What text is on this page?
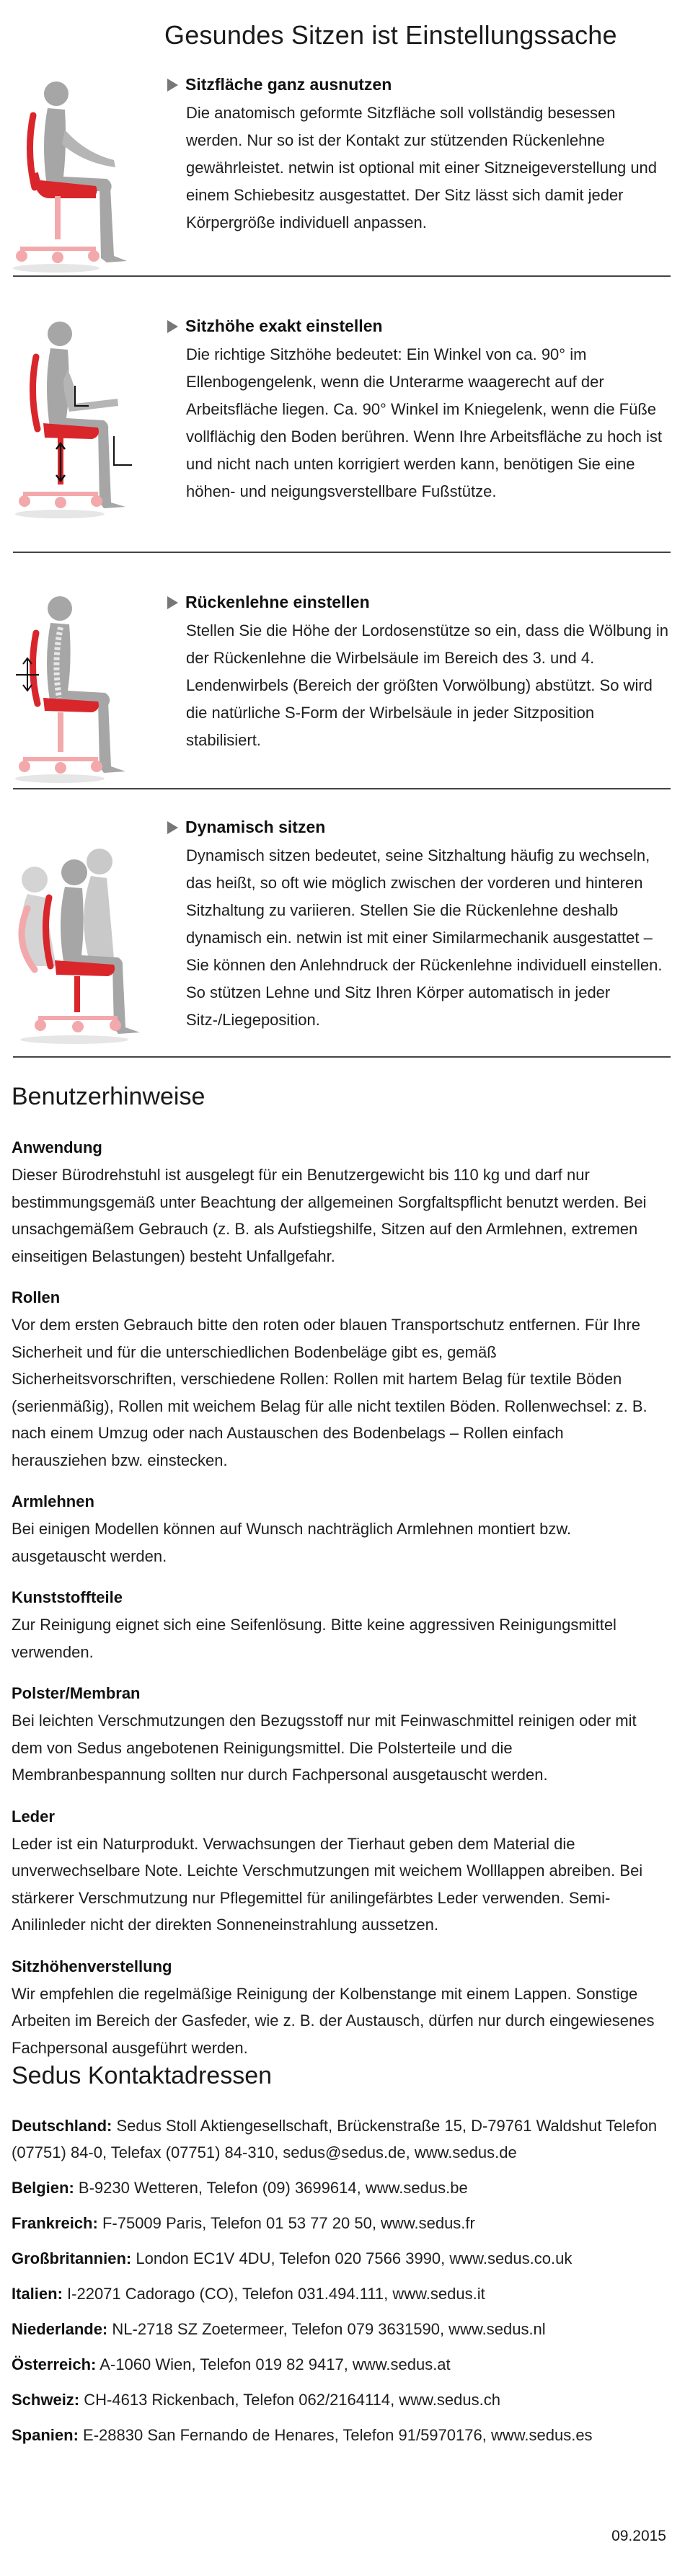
Gesundes Sitzen ist Einstellungssache
Sitzfläche ganz ausnutzen

Die anatomisch geformte Sitzfläche soll vollständig besessen werden. Nur so ist der Kontakt zur stützenden Rückenlehne gewährleistet. netwin ist optional mit einer Sitzneigeverstellung und einem Schiebesitz ausgestattet. Der Sitz lässt sich damit jeder Körpergröße individuell anpassen.

Sitzhöhe exakt einstellen

Die richtige Sitzhöhe bedeutet: Ein Winkel von ca. 90° im Ellenbogengelenk, wenn die Unterarme waagerecht auf der Arbeitsfläche liegen. Ca. 90° Winkel im Kniegelenk, wenn die Füße vollflächig den Boden berühren. Wenn Ihre Arbeitsfläche zu hoch ist und nicht nach unten korrigiert werden kann, benötigen Sie eine höhen- und neigungsverstellbare Fußstütze.

Rückenlehne einstellen

Stellen Sie die Höhe der Lordosenstütze so ein, dass die Wölbung in der Rückenlehne die Wirbelsäule im Bereich des 3. und 4. Lendenwirbels (Bereich der größten Vorwölbung) abstützt. So wird die natürliche S-Form der Wirbelsäule in jeder Sitzposition stabilisiert.

Dynamisch sitzen

Dynamisch sitzen bedeutet, seine Sitzhaltung häufig zu wechseln, das heißt, so oft wie möglich zwischen der vorderen und hinteren Sitzhaltung zu variieren. Stellen Sie die Rückenlehne deshalb dynamisch ein. netwin ist mit einer Similarmechanik ausgestattet – Sie können den Anlehndruck der Rückenlehne individuell einstellen. So stützen Lehne und Sitz Ihren Körper automatisch in jeder Sitz-/Liegeposition.

Benutzerhinweise
Anwendung

Dieser Bürodrehstuhl ist ausgelegt für ein Benutzergewicht bis 110 kg und darf nur bestimmungsgemäß unter Beachtung der allgemeinen Sorgfaltspflicht benutzt werden. Bei unsachgemäßem Gebrauch (z. B. als Aufstiegshilfe, Sitzen auf den Armlehnen, extremen einseitigen Belastungen) besteht Unfallgefahr.

Rollen

Vor dem ersten Gebrauch bitte den roten oder blauen Transportschutz entfernen. Für Ihre Sicherheit und für die unterschiedlichen Bodenbeläge gibt es, gemäß Sicherheitsvorschriften, verschiedene Rollen: Rollen mit hartem Belag für textile Böden (serienmäßig), Rollen mit weichem Belag für alle nicht textilen Böden. Rollenwechsel: z. B. nach einem Umzug oder nach Austauschen des Bodenbelags – Rollen einfach herausziehen bzw. einstecken.

Armlehnen

Bei einigen Modellen können auf Wunsch nachträglich Armlehnen montiert bzw. ausgetauscht werden.

Kunststoffteile

Zur Reinigung eignet sich eine Seifenlösung. Bitte keine aggressiven Reinigungsmittel verwenden.

Polster/Membran

Bei leichten Verschmutzungen den Bezugsstoff nur mit Feinwaschmittel reinigen oder mit dem von Sedus angebotenen Reinigungsmittel. Die Polsterteile und die Membranbespannung sollten nur durch Fachpersonal ausgetauscht werden.

Leder

Leder ist ein Naturprodukt. Verwachsungen der Tierhaut geben dem Material die unverwechselbare Note. Leichte Verschmutzungen mit weichem Wolllappen abreiben. Bei stärkerer Verschmutzung nur Pflegemittel für anilingefärbtes Leder verwenden. Semi-Anilinleder nicht der direkten Sonneneinstrahlung aussetzen.

Sitzhöhenverstellung

Wir empfehlen die regelmäßige Reinigung der Kolbenstange mit einem Lappen. Sonstige Arbeiten im Bereich der Gasfeder, wie z. B. der Austausch, dürfen nur durch eingewiesenes Fachpersonal ausgeführt werden.

Sedus Kontaktadressen
Deutschland: Sedus Stoll Aktiengesellschaft, Brückenstraße 15, D-79761 Waldshut Telefon (07751) 84-0, Telefax (07751) 84-310, sedus@sedus.de, www.sedus.de
Belgien: B-9230 Wetteren, Telefon (09) 3699614, www.sedus.be
Frankreich: F-75009 Paris, Telefon 01 53 77 20 50, www.sedus.fr
Großbritannien: London EC1V 4DU, Telefon 020 7566 3990, www.sedus.co.uk
Italien: I-22071 Cadorago (CO), Telefon 031.494.111, www.sedus.it
Niederlande: NL-2718 SZ Zoetermeer, Telefon 079 3631590, www.sedus.nl
Österreich: A-1060 Wien, Telefon 019 82 9417, www.sedus.at
Schweiz: CH-4613 Rickenbach, Telefon 062/2164114, www.sedus.ch
Spanien: E-28830 San Fernando de Henares, Telefon 91/5970176, www.sedus.es
09.2015
